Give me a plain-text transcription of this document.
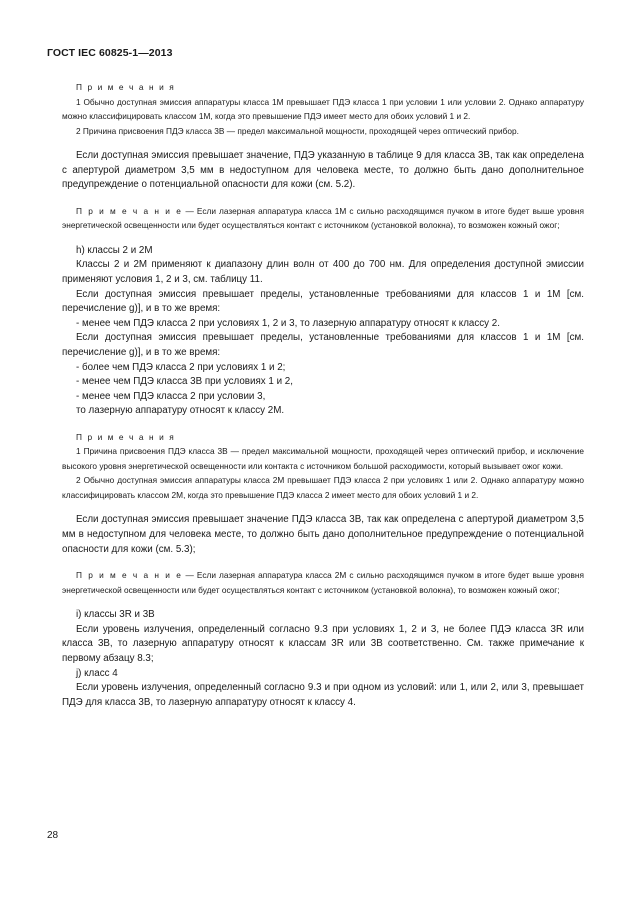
ГОСТ IEC 60825-1—2013

П р и м е ч а н и я

1 Обычно доступная эмиссия аппаратуры класса 1М превышает ПДЭ класса 1 при условии 1 или условии 2. Однако аппаратуру можно классифицировать классом 1М, когда это превышение ПДЭ имеет место для обоих условий 1 и 2.

2 Причина присвоения ПДЭ класса 3В — предел максимальной мощности, проходящей через оптический прибор.

Если доступная эмиссия превышает значение, ПДЭ указанную в таблице 9 для класса 3В, так как определена с апертурой диаметром 3,5 мм в недоступном для человека месте, то должно быть дано дополнительное предупреждение о потенциальной опасности для кожи (см. 5.2).

П р и м е ч а н и е — Если лазерная аппаратура класса 1М с сильно расходящимся пучком в итоге будет выше уровня энергетической освещенности или будет осуществляться контакт с источником (установкой волокна), то возможен кожный ожог;

h) классы 2 и 2М

Классы 2 и 2М применяют к диапазону длин волн от 400 до 700 нм. Для определения доступной эмиссии применяют условия 1, 2 и 3, см. таблицу 11.

Если доступная эмиссия превышает пределы, установленные требованиями для классов 1 и 1М [см. перечисление g)], и в то же время:

- менее чем ПДЭ класса 2 при условиях 1, 2 и 3, то лазерную аппаратуру относят к классу 2.

Если доступная эмиссия превышает пределы, установленные требованиями для классов 1 и 1М [см. перечисление g)], и в то же время:

- более чем ПДЭ класса 2 при условиях 1 и 2;

- менее чем ПДЭ класса 3В при условиях 1 и 2,

- менее чем ПДЭ класса 2 при условии 3,

то лазерную аппаратуру относят к классу 2М.

П р и м е ч а н и я

1 Причина присвоения ПДЭ класса 3В — предел максимальной мощности, проходящей через оптический прибор, и исключение высокого уровня энергетической освещенности или контакта с источником большой расходимости, который вызывает ожог кожи.

2 Обычно доступная эмиссия аппаратуры класса 2М превышает ПДЭ класса 2 при условиях 1 или 2. Однако аппаратуру можно классифицировать классом 2М, когда это превышение ПДЭ класса 2 имеет место для обоих условий 1 и 2.

Если доступная эмиссия превышает значение ПДЭ класса 3В, так как определена с апертурой диаметром 3,5 мм в недоступном для человека месте, то должно быть дано дополнительное предупреждение о потенциальной опасности для кожи (см. 5.3);

П р и м е ч а н и е — Если лазерная аппаратура класса 2М с сильно расходящимся пучком в итоге будет выше уровня энергетической освещенности или будет осуществляться контакт с источником (установкой волокна), то возможен кожный ожог;

i) классы 3R и 3В

Если уровень излучения, определенный согласно 9.3 при условиях 1, 2 и 3, не более ПДЭ класса 3R или класса 3В, то лазерную аппаратуру относят к классам 3R или 3В соответственно. См. также примечание к первому абзацу 8.3;

j) класс 4

Если уровень излучения, определенный согласно 9.3 и при одном из условий: или 1, или 2, или 3, превышает ПДЭ для класса 3В, то лазерную аппаратуру относят к классу 4.

28
